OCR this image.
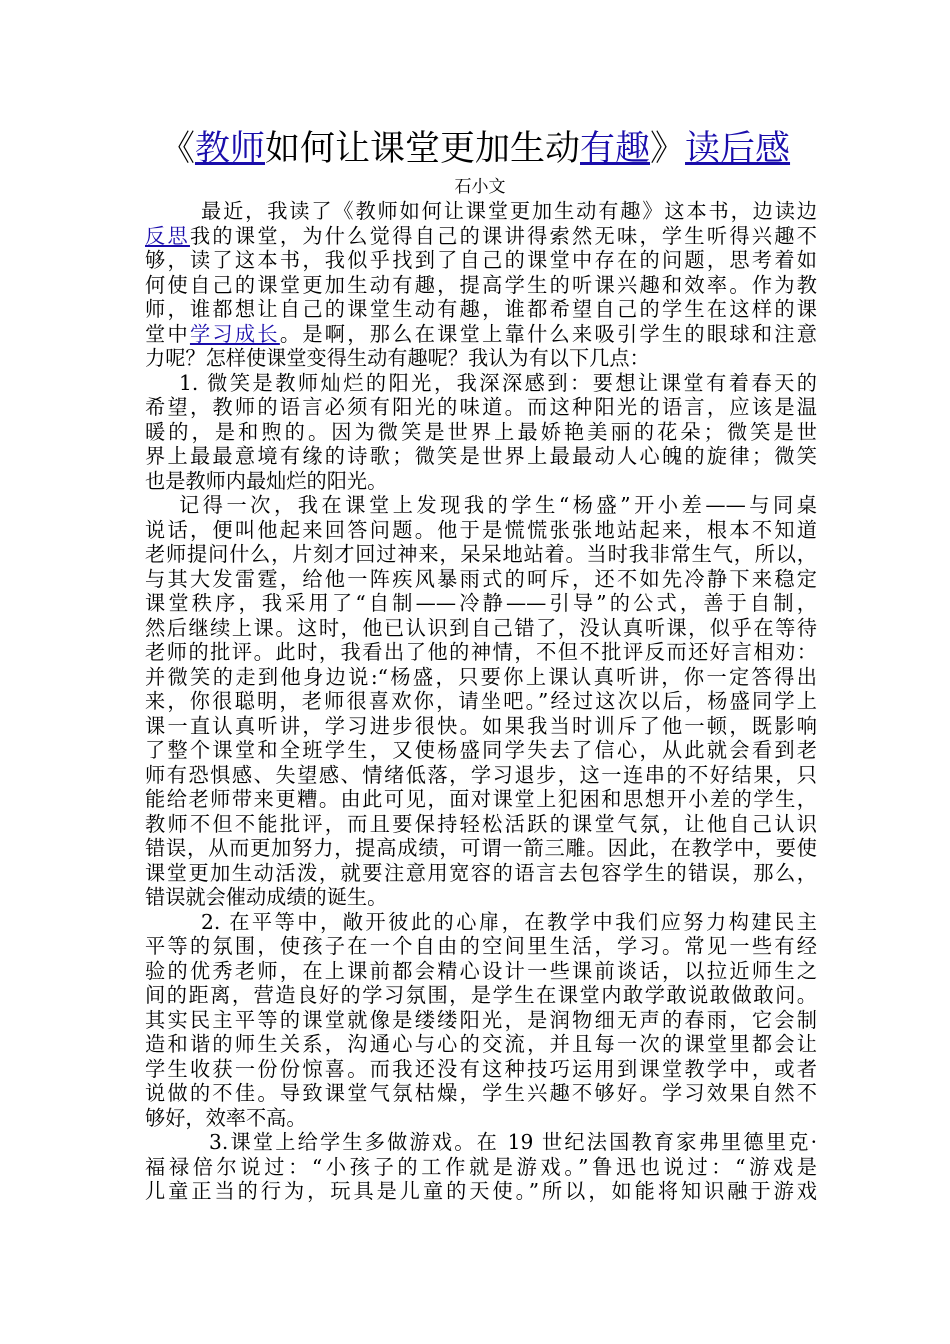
《教师如何让课堂更加生动有趣》读后感
石小文
最近，我读了《教师如何让课堂更加生动有趣》这本书，边读边
反思我的课堂，为什么觉得自己的课讲得索然无味，学生听得兴趣不
够，读了这本书，我似乎找到了自己的课堂中存在的问题，思考着如
何使自己的课堂更加生动有趣，提高学生的听课兴趣和效率。作为教
师，谁都想让自己的课堂生动有趣，谁都希望自己的学生在这样的课
堂中学习成长。是啊，那么在课堂上靠什么来吸引学生的眼球和注意
力呢？怎样使课堂变得生动有趣呢？我认为有以下几点：
1. 微笑是教师灿烂的阳光，我深深感到：要想让课堂有着春天的
希望，教师的语言必须有阳光的味道。而这种阳光的语言，应该是温
暖的，是和煦的。因为微笑是世界上最娇艳美丽的花朵；微笑是世
界上最最意境有缘的诗歌；微笑是世界上最最动人心魄的旋律；微笑
也是教师内最灿烂的阳光。
记得一次，我在课堂上发现我的学生“杨盛”开小差——与同桌
说话，便叫他起来回答问题。他于是慌慌张张地站起来，根本不知道
老师提问什么，片刻才回过神来，呆呆地站着。当时我非常生气，所以，
与其大发雷霆，给他一阵疾风暴雨式的呵斥，还不如先冷静下来稳定
课堂秩序，我采用了“自制——冷静——引导”的公式，善于自制，
然后继续上课。这时，他已认识到自己错了，没认真听课，似乎在等待
老师的批评。此时，我看出了他的神情，不但不批评反而还好言相劝：
并微笑的走到他身边说:“杨盛，只要你上课认真听讲，你一定答得出
来，你很聪明，老师很喜欢你，请坐吧。”经过这次以后，杨盛同学上
课一直认真听讲，学习进步很快。如果我当时训斥了他一顿，既影响
了整个课堂和全班学生，又使杨盛同学失去了信心，从此就会看到老
师有恐惧感、失望感、情绪低落，学习退步，这一连串的不好结果，只
能给老师带来更糟。由此可见，面对课堂上犯困和思想开小差的学生，
教师不但不能批评，而且要保持轻松活跃的课堂气氛，让他自己认识
错误，从而更加努力，提高成绩，可谓一箭三雕。因此，在教学中，要使
课堂更加生动活泼，就要注意用宽容的语言去包容学生的错误，那么，
错误就会催动成绩的诞生。
2. 在平等中，敞开彼此的心扉，在教学中我们应努力构建民主
平等的氛围，使孩子在一个自由的空间里生活，学习。常见一些有经
验的优秀老师，在上课前都会精心设计一些课前谈话，以拉近师生之
间的距离，营造良好的学习氛围，是学生在课堂内敢学敢说敢做敢问。
其实民主平等的课堂就像是缕缕阳光，是润物细无声的春雨，它会制
造和谐的师生关系，沟通心与心的交流，并且每一次的课堂里都会让
学生收获一份份惊喜。而我还没有这种技巧运用到课堂教学中，或者
说做的不佳。导致课堂气氛枯燥，学生兴趣不够好。学习效果自然不
够好，效率不高。
3.课堂上给学生多做游戏。在 19 世纪法国教育家弗里德里克·
福禄倍尔说过：“小孩子的工作就是游戏。”鲁迅也说过：“游戏是
儿童正当的行为，玩具是儿童的天使。”所以，如能将知识融于游戏
